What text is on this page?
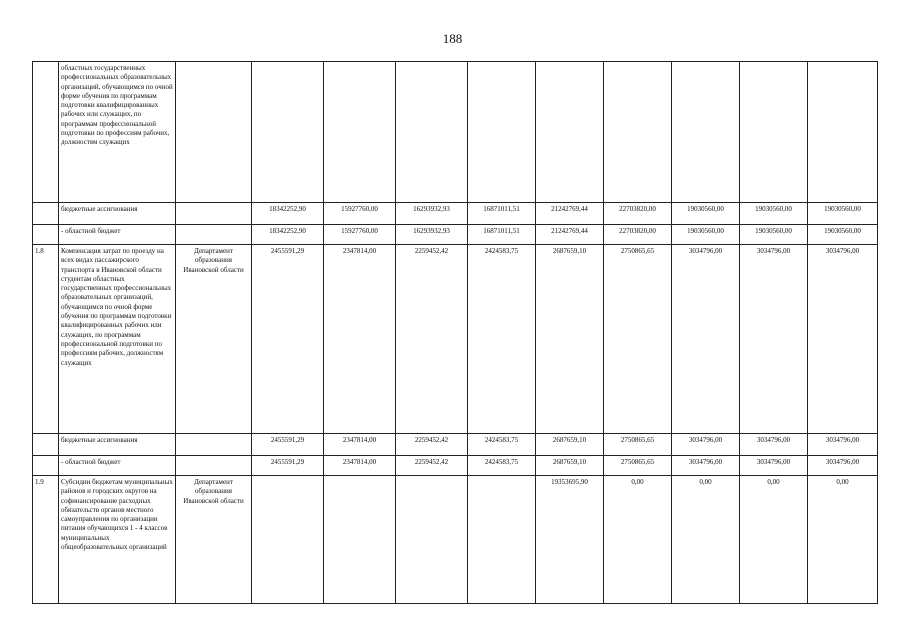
188
	областных государственных профессиональных образовательных организаций, обучающимся по очной форме обучения по программам подготовки квалифицированных рабочих или служащих, по программам профессиональной подготовки по профессиям рабочих, должностям служащих										
	бюджетные ассигнования		18342252,90	15927760,00	16293932,93	16871011,51	21242769,44	22703820,00	19030560,00	19030560,00	19030560,00
	- областной бюджет		18342252,90	15927760,00	16293932,93	16871011,51	21242769,44	22703820,00	19030560,00	19030560,00	19030560,00
1.8	Компенсация затрат по проезду на всех видах пассажирского транспорта в Ивановской области студентам областных государственных профессиональных образовательных организаций, обучающимся по очной форме обучения по программам подготовки квалифицированных рабочих или служащих, по программам профессиональной подготовки по профессиям рабочих, должностям служащих	Департамент образования Ивановской области	2455591,29	2347814,00	2259452,42	2424583,75	2687659,10	2750865,65	3034796,00	3034796,00	3034796,00
	бюджетные ассигнования		2455591,29	2347814,00	2259452,42	2424583,75	2687659,10	2750865,65	3034796,00	3034796,00	3034796,00
	- областной бюджет		2455591,29	2347814,00	2259452,42	2424583,75	2687659,10	2750865,65	3034796,00	3034796,00	3034796,00
1.9	Субсидии бюджетам муниципальных районов и городских округов на софинансирование расходных обязательств органов местного самоуправления по организации питания обучающихся 1 - 4 классов муниципальных общеобразовательных организаций	Департамент образования Ивановской области					19353695,90	0,00	0,00	0,00	0,00
